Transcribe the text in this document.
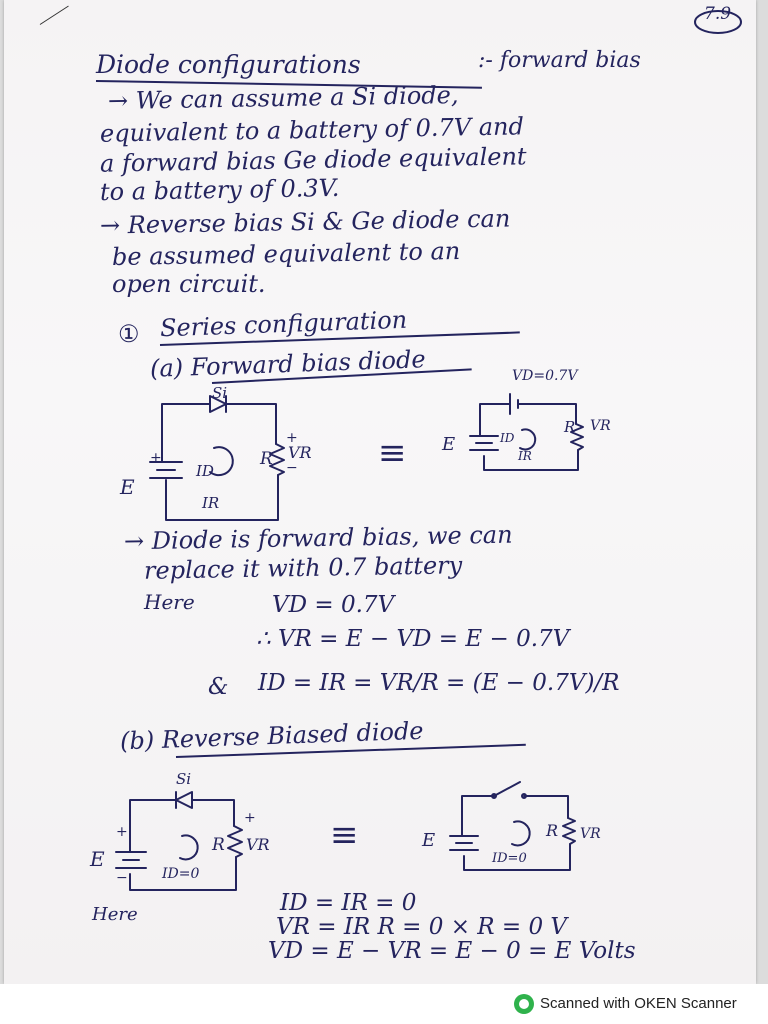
7.9
Diode configurations	:- forward bias
→ We can assume a Si diode,
equivalent to a battery of 0.7V and
a forward bias Ge diode equivalent
to a battery of 0.3V.
→ Reverse bias Si & Ge diode can
be assumed equivalent to an
open circuit.
① Series configuration
(a) Forward bias diode
Si
+
E
R
+
VR
−
ID
IR
≡
VD=0.7V
E
R VR
ID
IR
→ Diode is forward bias, we can
replace it with 0.7 battery
Here	VD = 0.7V
∴ VR = E − VD = E − 0.7V
& ID = IR = VR/R = (E − 0.7V)/R
(b) Reverse Biased diode
Si
+
E
−
R
+
VR
ID=0
≡	E	R VR
ID=0
Here	ID = IR = 0
VR = IR R = 0 × R = 0 V
VD = E − VR = E − 0 = E Volts
Scanned with OKEN Scanner
